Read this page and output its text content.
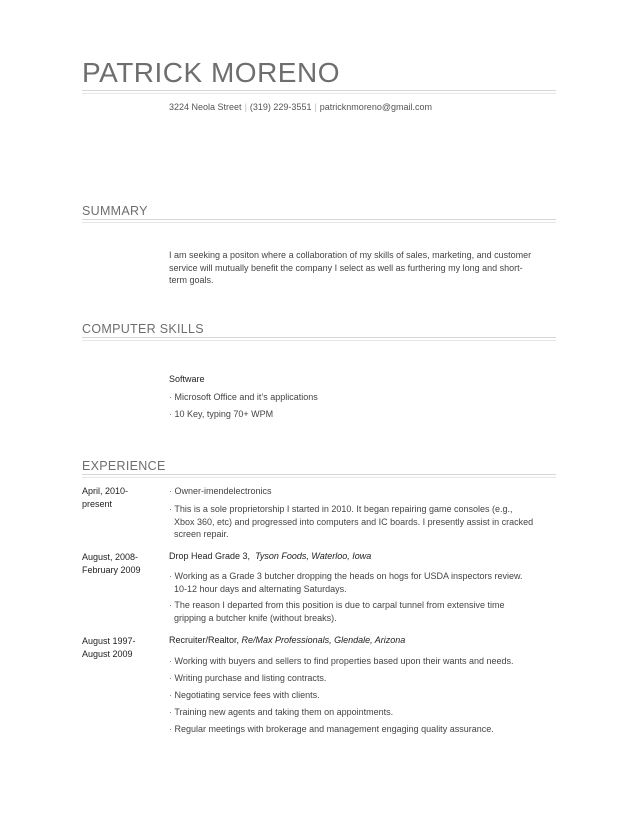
PATRICK MORENO
3224 Neola Street | (319) 229-3551 | patricknmoreno@gmail.com
SUMMARY
I am seeking a positon where a collaboration of my skills of sales, marketing, and customer service will mutually benefit the company I select as well as furthering my long and short-term goals.
COMPUTER SKILLS
Software
· Microsoft Office and it’s applications
· 10 Key, typing 70+ WPM
EXPERIENCE
April, 2010-
present
· Owner-imendelectronics
· This is a sole proprietorship I started in 2010. It began repairing game consoles (e.g., Xbox 360, etc) and progressed into computers and IC boards. I presently assist in cracked screen repair.
August, 2008-
February 2009
Drop Head Grade 3, Tyson Foods, Waterloo, Iowa
· Working as a Grade 3 butcher dropping the heads on hogs for USDA inspectors review. 10-12 hour days and alternating Saturdays.
· The reason I departed from this position is due to carpal tunnel from extensive time gripping a butcher knife (without breaks).
August 1997-
August 2009
Recruiter/Realtor, Re/Max Professionals, Glendale, Arizona
· Working with buyers and sellers to find properties based upon their wants and needs.
· Writing purchase and listing contracts.
· Negotiating service fees with clients.
· Training new agents and taking them on appointments.
· Regular meetings with brokerage and management engaging quality assurance.
